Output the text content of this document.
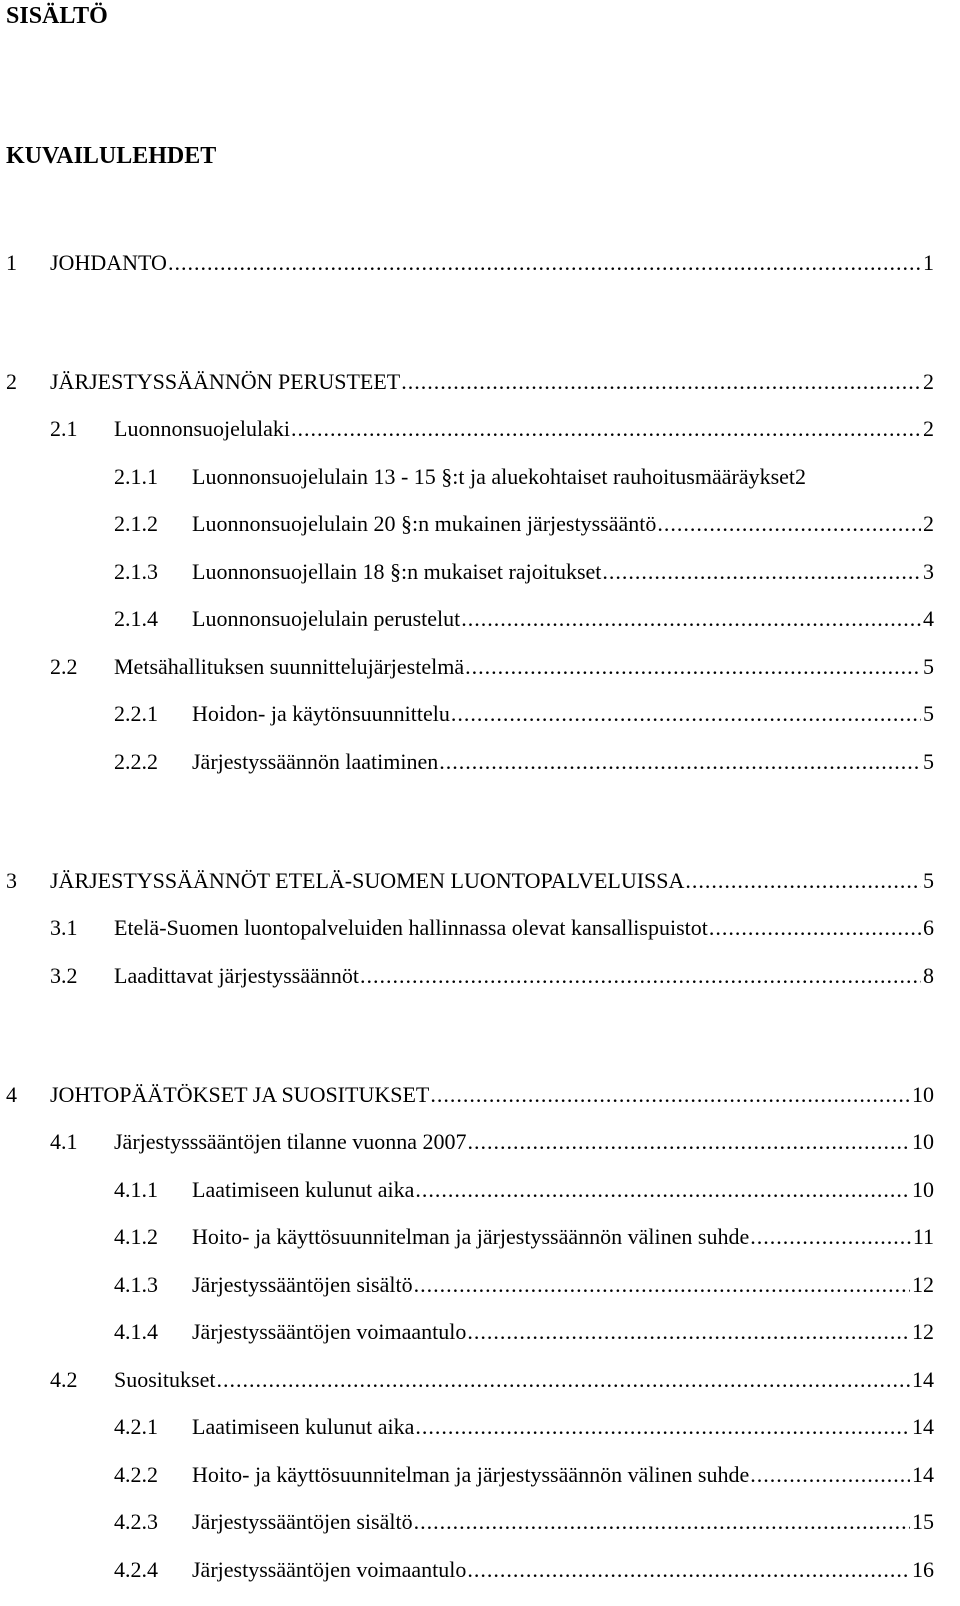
SISÄLTÖ
KUVAILULEHDET
1	JOHDANTO .....	1
2	JÄRJESTYSSÄÄNNÖN PERUSTEET .....	2
2.1	Luonnonsuojelulaki .....	2
2.1.1	Luonnonsuojelulain 13 - 15 §:t ja aluekohtaiset rauhoitusmääräykset 2
2.1.2	Luonnonsuojelulain 20 §:n mukainen järjestyssääntö .....	2
2.1.3	Luonnonsuojellain 18 §:n mukaiset rajoitukset .....	3
2.1.4	Luonnonsuojelulain perustelut .....	4
2.2	Metsähallituksen suunnittelujärjestelmä .....	5
2.2.1	Hoidon- ja käytönsuunnittelu .....	5
2.2.2	Järjestyssäännön laatiminen .....	5
3	JÄRJESTYSSÄÄNNÖT ETELÄ-SUOMEN LUONTOPALVELUISSA .....	5
3.1	Etelä-Suomen luontopalveluiden hallinnassa olevat kansallispuistot .....	6
3.2	Laadittavat järjestyssäännöt .....	8
4	JOHTOPÄÄTÖKSET JA SUOSITUKSET .....	10
4.1	Järjestysssääntöjen tilanne vuonna 2007 .....	10
4.1.1	Laatimiseen kulunut aika .....	10
4.1.2	Hoito- ja käyttösuunnitelman ja järjestyssäännön välinen suhde .....	11
4.1.3	Järjestyssääntöjen sisältö .....	12
4.1.4	Järjestyssääntöjen voimaantulo .....	12
4.2	Suositukset .....	14
4.2.1	Laatimiseen kulunut aika .....	14
4.2.2	Hoito- ja käyttösuunnitelman ja järjestyssäännön välinen suhde .....	14
4.2.3	Järjestyssääntöjen sisältö .....	15
4.2.4	Järjestyssääntöjen voimaantulo .....	16
